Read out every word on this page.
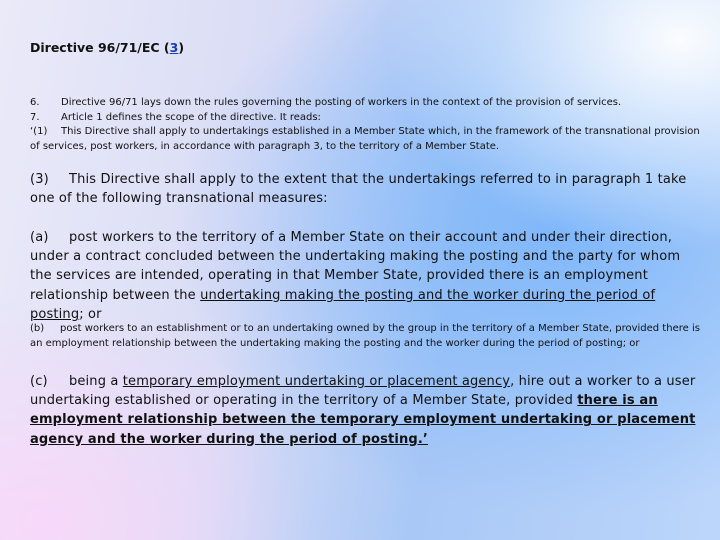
Directive 96/71/EC (3)

6. Directive 96/71 lays down the rules governing the posting of workers in the context of the provision of services.
7. Article 1 defines the scope of the directive. It reads:
‘(1) This Directive shall apply to undertakings established in a Member State which, in the framework of the transnational provision of services, post workers, in accordance with paragraph 3, to the territory of a Member State.

(3) This Directive shall apply to the extent that the undertakings referred to in paragraph 1 take one of the following transnational measures:

(a) post workers to the territory of a Member State on their account and under their direction, under a contract concluded between the undertaking making the posting and the party for whom the services are intended, operating in that Member State, provided there is an employment relationship between the undertaking making the posting and the worker during the period of posting; or

(b) post workers to an establishment or to an undertaking owned by the group in the territory of a Member State, provided there is an employment relationship between the undertaking making the posting and the worker during the period of posting; or

(c) being a temporary employment undertaking or placement agency, hire out a worker to a user undertaking established or operating in the territory of a Member State, provided there is an employment relationship between the temporary employment undertaking or placement agency and the worker during the period of posting.’
